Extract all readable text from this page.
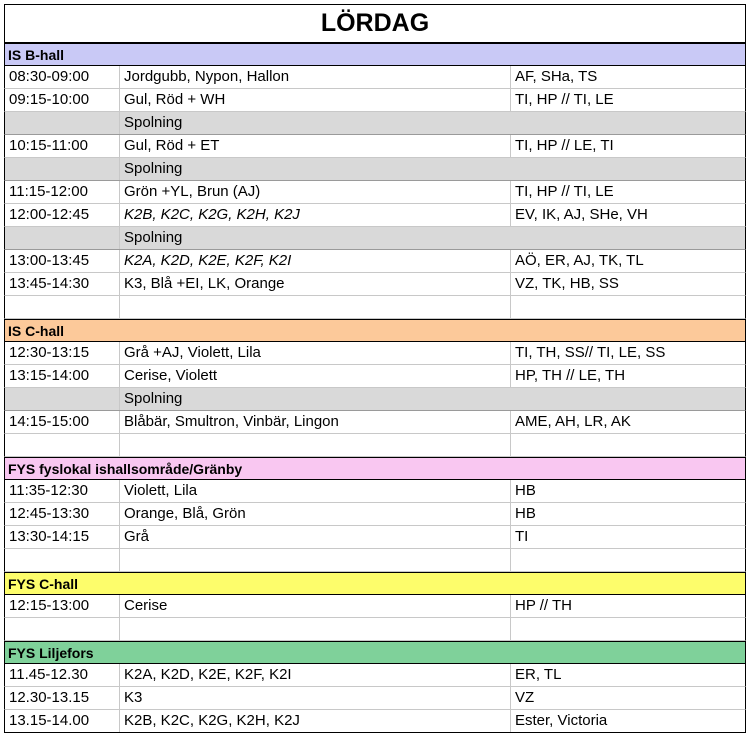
LÖRDAG
IS B-hall
08:30-09:00	Jordgubb, Nypon, Hallon	AF, SHa, TS
09:15-10:00	Gul, Röd + WH	TI, HP // TI, LE
Spolning
10:15-11:00	Gul, Röd + ET	TI, HP // LE, TI
Spolning
11:15-12:00	Grön +YL, Brun (AJ)	TI, HP // TI, LE
12:00-12:45	K2B, K2C, K2G, K2H, K2J	EV, IK, AJ, SHe, VH
Spolning
13:00-13:45	K2A, K2D, K2E, K2F, K2I	AÖ, ER, AJ, TK, TL
13:45-14:30	K3, Blå +EI, LK, Orange	VZ, TK, HB, SS
IS C-hall
12:30-13:15	Grå +AJ, Violett, Lila	TI, TH, SS// TI, LE, SS
13:15-14:00	Cerise, Violett	HP, TH // LE, TH
Spolning
14:15-15:00	Blåbär, Smultron, Vinbär, Lingon	AME, AH, LR, AK
FYS fyslokal ishallsområde/Gränby
11:35-12:30	Violett, Lila	HB
12:45-13:30	Orange, Blå, Grön	HB
13:30-14:15	Grå	TI
FYS C-hall
12:15-13:00	Cerise	HP // TH
FYS Liljefors
11.45-12.30	K2A, K2D, K2E, K2F, K2I	ER, TL
12.30-13.15	K3	VZ
13.15-14.00	K2B, K2C, K2G, K2H, K2J	Ester, Victoria
